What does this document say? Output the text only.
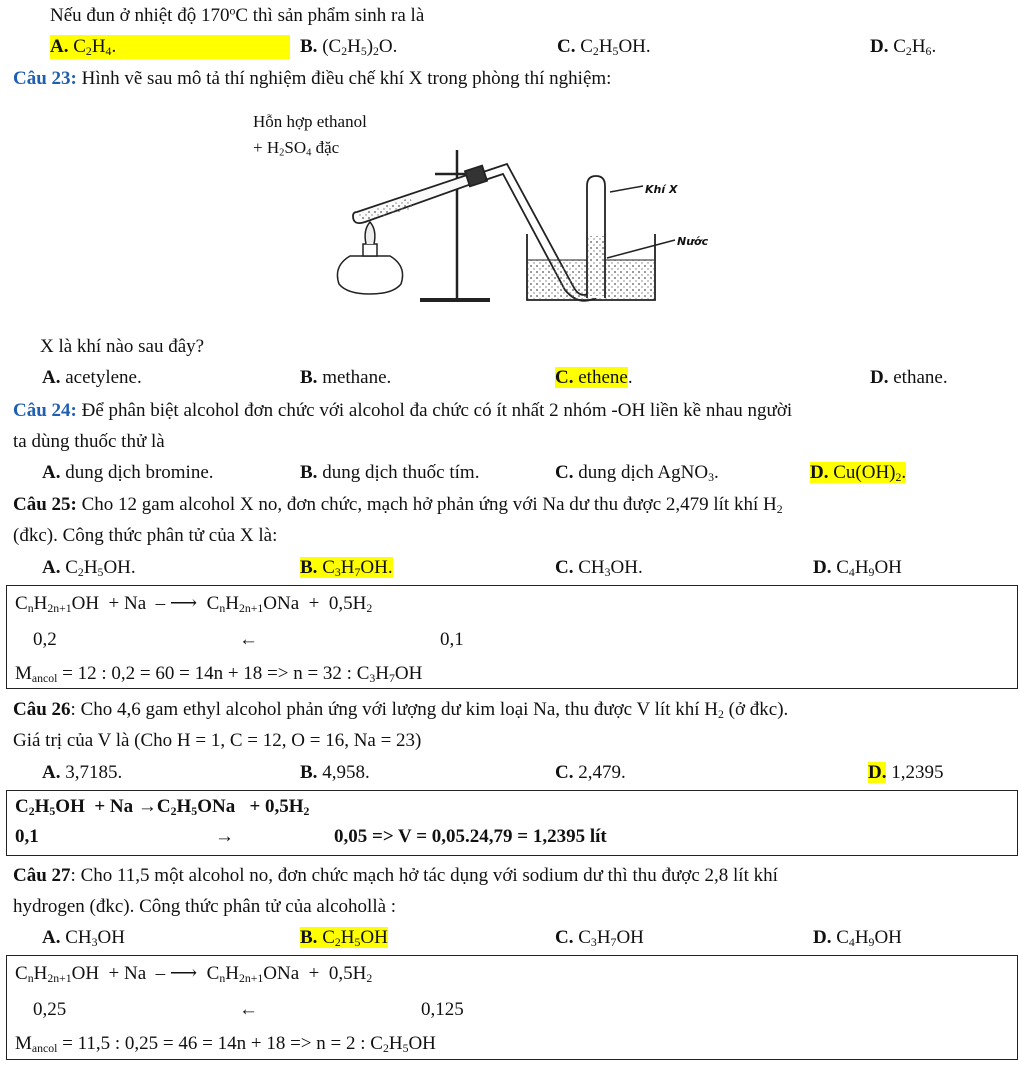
Nếu đun ở nhiệt độ 170$^o$C thì sản phẩm sinh ra là
A. $C_2H_4$.	B. $(C_2H_5)_2O$.	C. $C_2H_5OH$.	D. $C_2H_6$.
Câu 23: Hình vẽ sau mô tả thí nghiệm điều chế khí X trong phòng thí nghiệm:
Hỗn hợp ethanol
+ $H_2SO_4$ đặc
Khí X
Nước
X là khí nào sau đây?
A. acetylene.	B. methane.	C. ethene.	D. ethane.
Câu 24: Để phân biệt alcohol đơn chức với alcohol đa chức có ít nhất 2 nhóm -OH liền kề nhau người
ta dùng thuốc thử là
A. dung dịch bromine.	B. dung dịch thuốc tím.	C. dung dịch AgNO$_3$.	D. $Cu(OH)_2$.
Câu 25: Cho 12 gam alcohol X no, đơn chức, mạch hở phản ứng với Na dư thu được 2,479 lít khí $H_2$
(đkc). Công thức phân tử của X là:
A. $C_2H_5OH$.	B. $C_3H_7OH$.	C. $CH_3OH$.	D. $C_4H_9OH$
$C_nH_{2n+1}OH + Na$  – ⟶  $C_nH_{2n+1}ONa + 0,5H_2$
0,2	←	0,1
$M_{ancol} = 12$ : 0,2 = 60 = 14n + 18 => n = 32 : $C_3H_7OH$
Câu 26: Cho 4,6 gam ethyl alcohol phản ứng với lượng dư kim loại Na, thu được V lít khí $H_2$ (ở đkc).
Giá trị của V là (Cho H = 1, C = 12, O = 16, Na = 23)
A. 3,7185.	B. 4,958.	C. 2,479.	D. 1,2395
$C_2H_5OH + Na \to C_2H_5ONa + 0,5H_2$
0,1	→	0,05 => V = 0,05.24,79 = 1,2395 lít
Câu 27: Cho 11,5 một alcohol no, đơn chức mạch hở tác dụng với sodium dư thì thu được 2,8 lít khí
hydrogen (đkc). Công thức phân tử của alcohollà :
A. $CH_3OH$	B. $C_2H_5OH$	C. $C_3H_7OH$	D. $C_4H_9OH$
$C_nH_{2n+1}OH + Na$  – ⟶  $C_nH_{2n+1}ONa + 0,5H_2$
0,25	←	0,125
$M_{ancol} = 11,5$ : 0,25 = 46 = 14n + 18 => n = 2 : $C_2H_5OH$
